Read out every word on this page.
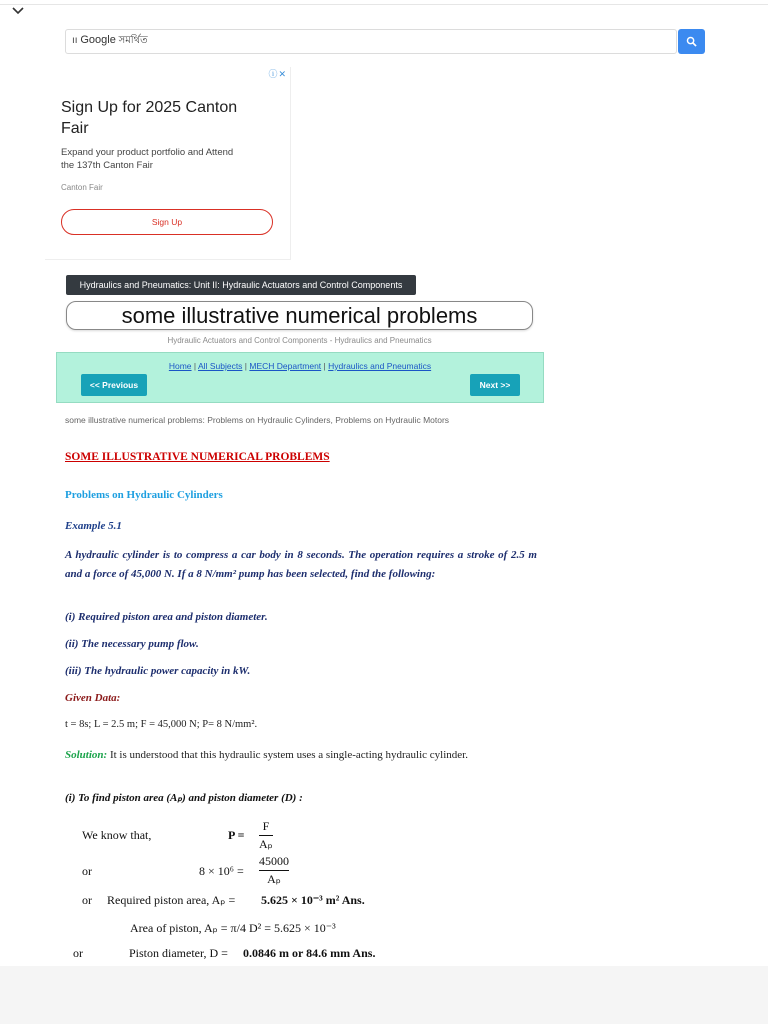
ıı Google সমৰ্থিত
ⓘ✕
Sign Up for 2025 Canton Fair
Expand your product portfolio and Attend the 137th Canton Fair
Canton Fair
Sign Up
Hydraulics and Pneumatics: Unit II: Hydraulic Actuators and Control Components
some illustrative numerical problems
Hydraulic Actuators and Control Components - Hydraulics and Pneumatics
Home | All Subjects | MECH Department | Hydraulics and Pneumatics
<< Previous	Next >>
some illustrative numerical problems: Problems on Hydraulic Cylinders, Problems on Hydraulic Motors
SOME ILLUSTRATIVE NUMERICAL PROBLEMS
Problems on Hydraulic Cylinders
Example 5.1
A hydraulic cylinder is to compress a car body in 8 seconds. The operation requires a stroke of 2.5 m and a force of 45,000 N. If a 8 N/mm² pump has been selected, find the following:
(i) Required piston area and piston diameter.
(ii) The necessary pump flow.
(iii) The hydraulic power capacity in kW.
Given Data:
t = 8s; L = 2.5 m; F = 45,000 N; P= 8 N/mm².
Solution: It is understood that this hydraulic system uses a single-acting hydraulic cylinder.
(i) To find piston area (Aₚ) and piston diameter (D) :
We know that,	P =
F
Aₚ
or	8 × 10⁶ =
45000
Aₚ
or Required piston area, Aₚ = 5.625 × 10⁻³ m² Ans.
Area of piston, Aₚ = π/4 D² = 5.625 × 10⁻³
or	Piston diameter, D = 0.0846 m or 84.6 mm Ans.
